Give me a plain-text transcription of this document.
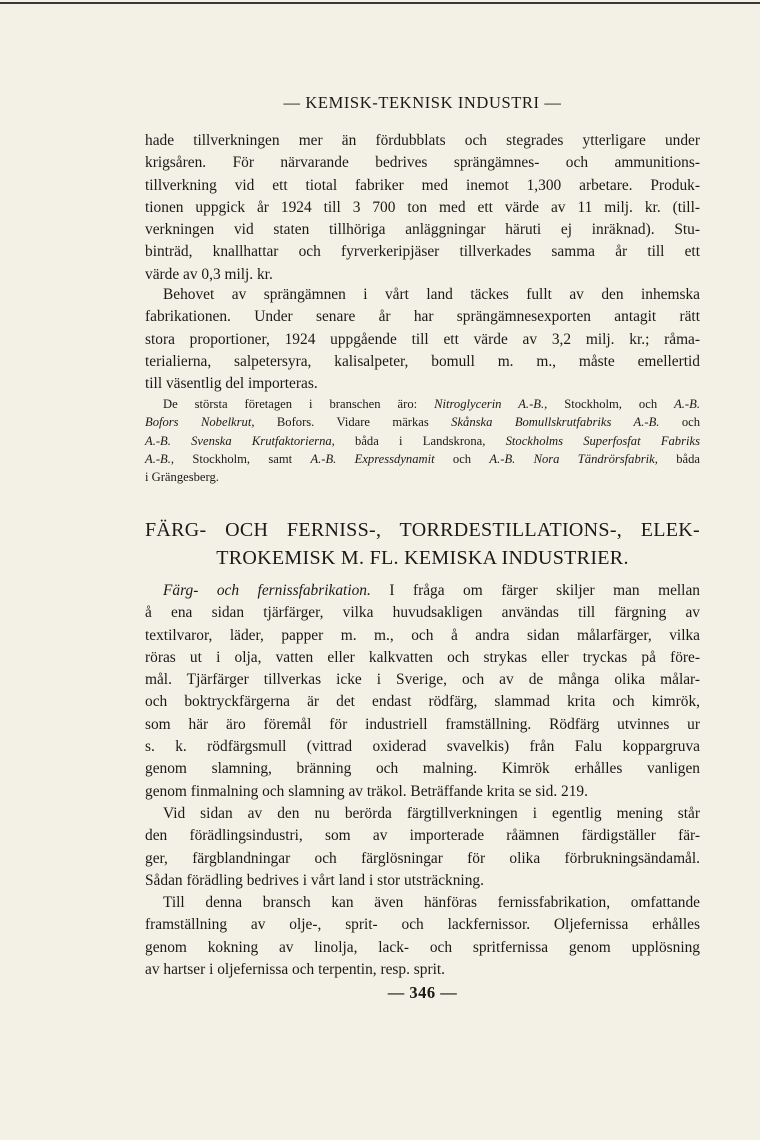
— KEMISK-TEKNISK INDUSTRI —
hade tillverkningen mer än fördubblats och stegrades ytterligare under
krigsåren. För närvarande bedrives sprängämnes- och ammunitions-
tillverkning vid ett tiotal fabriker med inemot 1,300 arbetare. Produk-
tionen uppgick år 1924 till 3 700 ton med ett värde av 11 milj. kr. (till-
verkningen vid staten tillhöriga anläggningar häruti ej inräknad). Stu-
binträd, knallhattar och fyrverkeripjäser tillverkades samma år till ett
värde av 0,3 milj. kr.
Behovet av sprängämnen i vårt land täckes fullt av den inhemska
fabrikationen. Under senare år har sprängämnesexporten antagit rätt
stora proportioner, 1924 uppgående till ett värde av 3,2 milj. kr.; råma-
terialierna, salpetersyra, kalisalpeter, bomull m. m., måste emellertid
till väsentlig del importeras.
De största företagen i branschen äro: Nitroglycerin A.-B., Stockholm, och A.-B.
Bofors Nobelkrut, Bofors. Vidare märkas Skånska Bomullskrutfabriks A.-B. och
A.-B. Svenska Krutfaktorierna, båda i Landskrona, Stockholms Superfosfat Fabriks
A.-B., Stockholm, samt A.-B. Expressdynamit och A.-B. Nora Tändrörsfabrik, båda
i Grängesberg.
FÄRG- OCH FERNISS-, TORRDESTILLATIONS-, ELEK-
TROKEMISK M. FL. KEMISKA INDUSTRIER.
Färg- och fernissfabrikation. I fråga om färger skiljer man mellan
å ena sidan tjärfärger, vilka huvudsakligen användas till färgning av
textilvaror, läder, papper m. m., och å andra sidan målarfärger, vilka
röras ut i olja, vatten eller kalkvatten och strykas eller tryckas på före-
mål. Tjärfärger tillverkas icke i Sverige, och av de många olika målar-
och boktryckfärgerna är det endast rödfärg, slammad krita och kimrök,
som här äro föremål för industriell framställning. Rödfärg utvinnes ur
s. k. rödfärgsmull (vittrad oxiderad svavelkis) från Falu koppargruva
genom slamning, bränning och malning. Kimrök erhålles vanligen
genom finmalning och slamning av träkol. Beträffande krita se sid. 219.
Vid sidan av den nu berörda färgtillverkningen i egentlig mening står
den förädlingsindustri, som av importerade råämnen färdigställer fär-
ger, färgblandningar och färglösningar för olika förbrukningsändamål.
Sådan förädling bedrives i vårt land i stor utsträckning.
Till denna bransch kan även hänföras fernissfabrikation, omfattande
framställning av olje-, sprit- och lackfernissor. Oljefernissa erhålles
genom kokning av linolja, lack- och spritfernissa genom upplösning
av hartser i oljefernissa och terpentin, resp. sprit.
— 346 —
